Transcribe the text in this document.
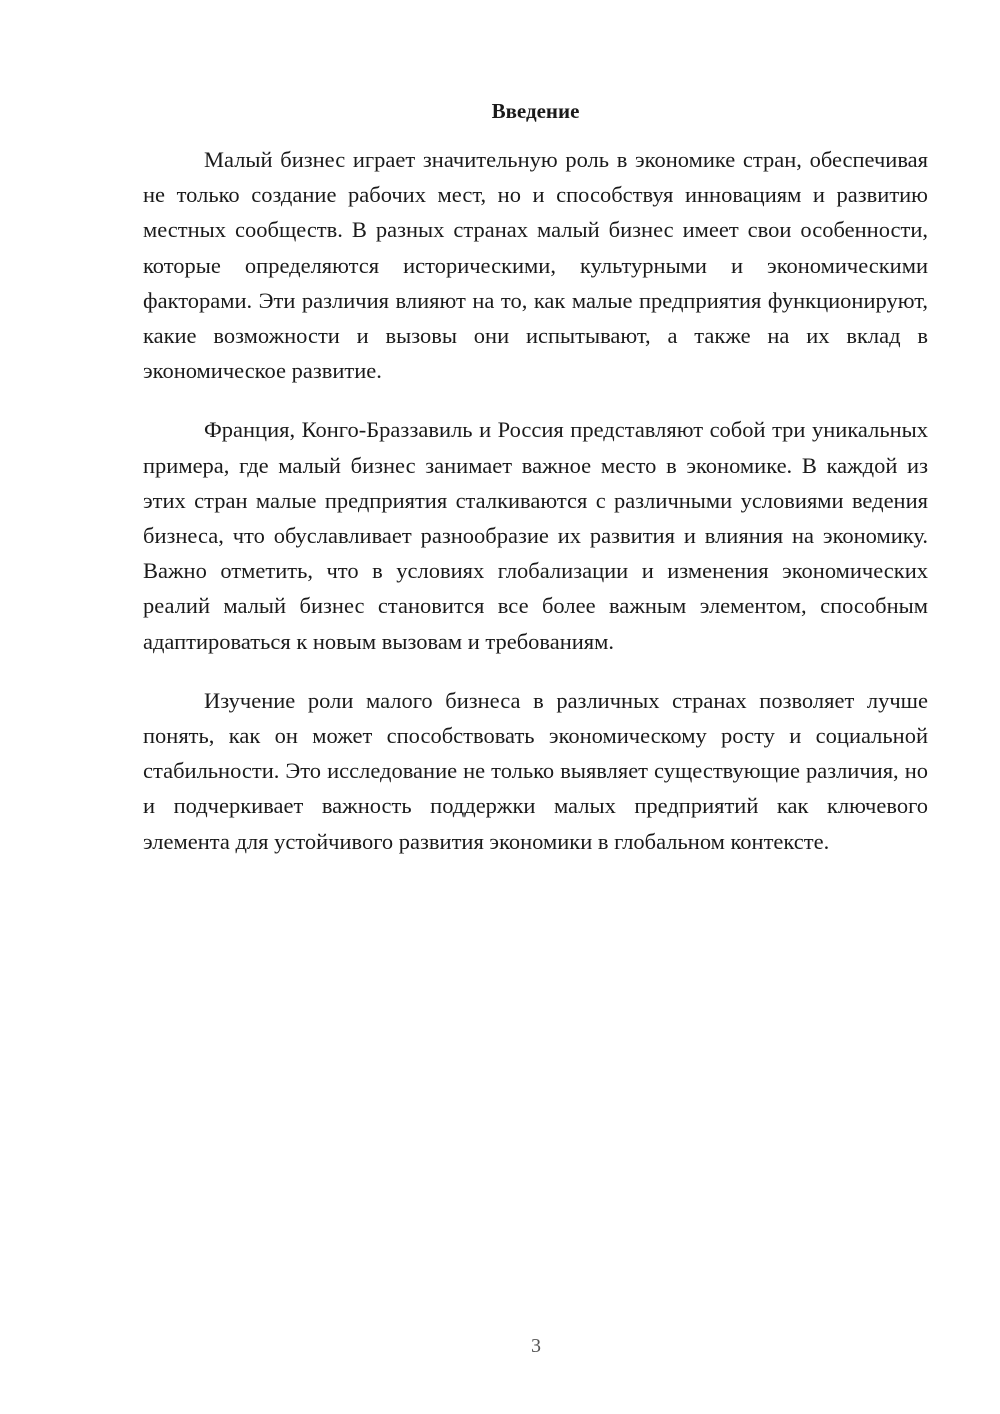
Введение

Малый бизнес играет значительную роль в экономике стран, обеспечивая не только создание рабочих мест, но и способствуя инновациям и развитию местных сообществ. В разных странах малый бизнес имеет свои особенности, которые определяются историческими, культурными и экономическими факторами. Эти различия влияют на то, как малые предприятия функционируют, какие возможности и вызовы они испытывают, а также на их вклад в экономическое развитие.

Франция, Конго-Браззавиль и Россия представляют собой три уникальных примера, где малый бизнес занимает важное место в экономике. В каждой из этих стран малые предприятия сталкиваются с различными условиями ведения бизнеса, что обуславливает разнообразие их развития и влияния на экономику. Важно отметить, что в условиях глобализации и изменения экономических реалий малый бизнес становится все более важным элементом, способным адаптироваться к новым вызовам и требованиям.

Изучение роли малого бизнеса в различных странах позволяет лучше понять, как он может способствовать экономическому росту и социальной стабильности. Это исследование не только выявляет существующие различия, но и подчеркивает важность поддержки малых предприятий как ключевого элемента для устойчивого развития экономики в глобальном контексте.

3
